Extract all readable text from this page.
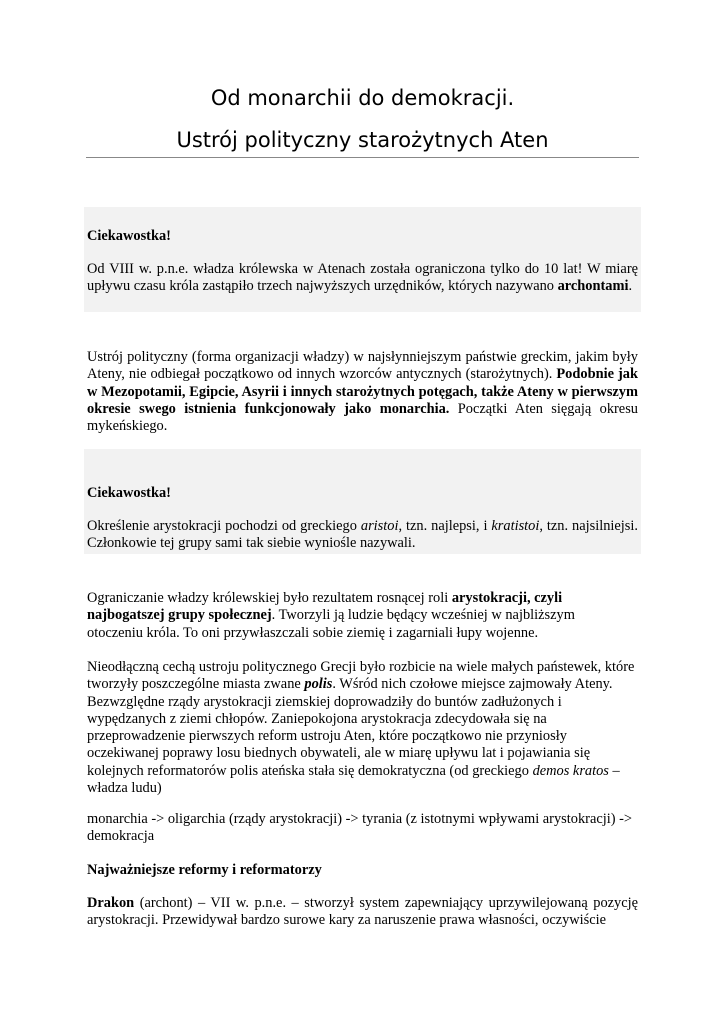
Od monarchii do demokracji.
Ustrój polityczny starożytnych Aten

Ciekawostka!

Od VIII w. p.n.e. władza królewska w Atenach została ograniczona tylko do 10 lat! W miarę upływu czasu króla zastąpiło trzech najwyższych urzędników, których nazywano archontami.

Ustrój polityczny (forma organizacji władzy) w najsłynniejszym państwie greckim, jakim były Ateny, nie odbiegał początkowo od innych wzorców antycznych (starożytnych). Podobnie jak w Mezopotamii, Egipcie, Asyrii i innych starożytnych potęgach, także Ateny w pierwszym okresie swego istnienia funkcjonowały jako monarchia. Początki Aten sięgają okresu mykeńskiego.

Ciekawostka!

Określenie arystokracji pochodzi od greckiego aristoi, tzn. najlepsi, i kratistoi, tzn. najsilniejsi. Członkowie tej grupy sami tak siebie wyniośle nazywali.

Ograniczanie władzy królewskiej było rezultatem rosnącej roli arystokracji, czyli najbogatszej grupy społecznej. Tworzyli ją ludzie będący wcześniej w najbliższym otoczeniu króla. To oni przywłaszczali sobie ziemię i zagarniali łupy wojenne.

Nieodłączną cechą ustroju politycznego Grecji było rozbicie na wiele małych państewek, które tworzyły poszczególne miasta zwane polis. Wśród nich czołowe miejsce zajmowały Ateny. Bezwzględne rządy arystokracji ziemskiej doprowadziły do buntów zadłużonych i wypędzanych z ziemi chłopów. Zaniepokojona arystokracja zdecydowała się na przeprowadzenie pierwszych reform ustroju Aten, które początkowo nie przyniosły oczekiwanej poprawy losu biednych obywateli, ale w miarę upływu lat i pojawiania się kolejnych reformatorów polis ateńska stała się demokratyczna (od greckiego demos kratos – władza ludu)

monarchia -> oligarchia (rządy arystokracji) -> tyrania (z istotnymi wpływami arystokracji) -> demokracja

Najważniejsze reformy i reformatorzy

Drakon (archont) – VII w. p.n.e. – stworzył system zapewniający uprzywilejowaną pozycję arystokracji. Przewidywał bardzo surowe kary za naruszenie prawa własności, oczywiście
